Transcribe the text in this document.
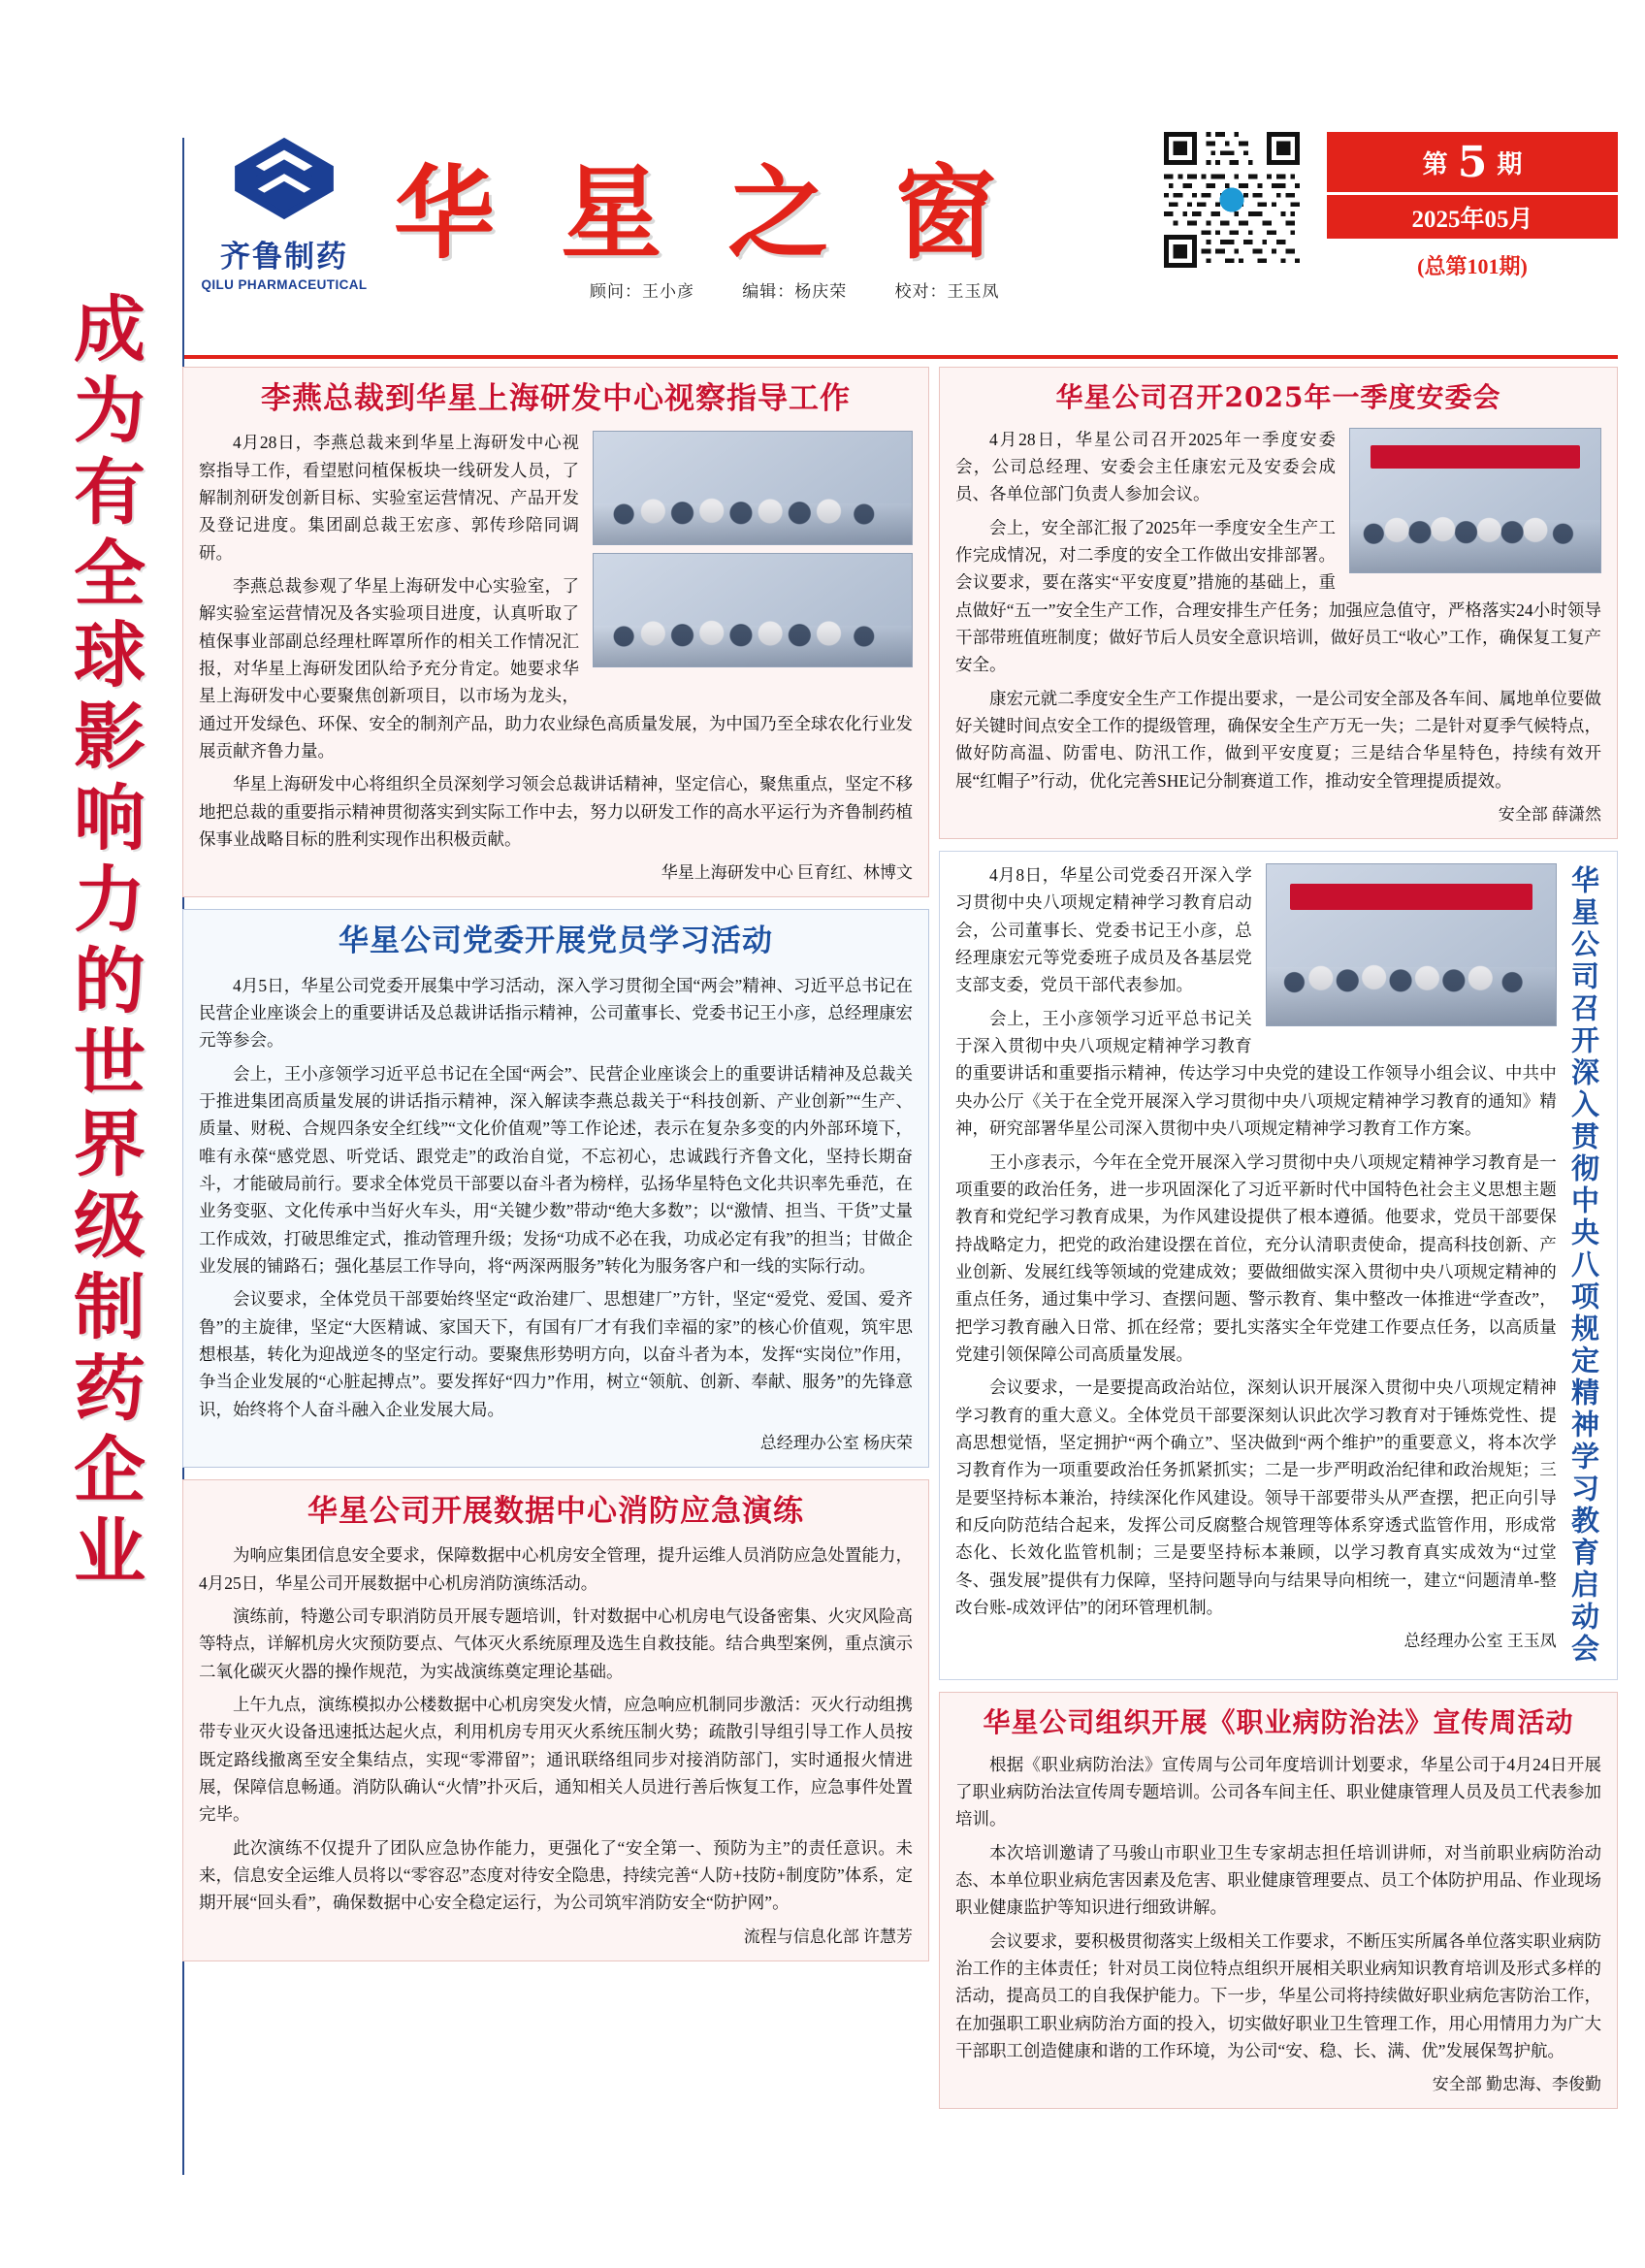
成为有全球影响力的世界级制药企业
齐鲁制药
QILU PHARMACEUTICAL
华 星 之 窗
顾问：王小彦	编辑：杨庆荣	校对：王玉凤
第 5 期
2025年05月
(总第101期)
李燕总裁到华星上海研发中心视察指导工作

4月28日，李燕总裁来到华星上海研发中心视察指导工作，看望慰问植保板块一线研发人员，了解制剂研发创新目标、实验室运营情况、产品开发及登记进度。集团副总裁王宏彦、郭传珍陪同调研。

李燕总裁参观了华星上海研发中心实验室，了解实验室运营情况及各实验项目进度，认真听取了植保事业部副总经理杜晖罩所作的相关工作情况汇报，对华星上海研发团队给予充分肯定。她要求华星上海研发中心要聚焦创新项目，以市场为龙头，通过开发绿色、环保、安全的制剂产品，助力农业绿色高质量发展，为中国乃至全球农化行业发展贡献齐鲁力量。

华星上海研发中心将组织全员深刻学习领会总裁讲话精神，坚定信心，聚焦重点，坚定不移地把总裁的重要指示精神贯彻落实到实际工作中去，努力以研发工作的高水平运行为齐鲁制药植保事业战略目标的胜利实现作出积极贡献。

华星上海研发中心 巨育红、林博文
华星公司党委开展党员学习活动

4月5日，华星公司党委开展集中学习活动，深入学习贯彻全国“两会”精神、习近平总书记在民营企业座谈会上的重要讲话及总裁讲话指示精神，公司董事长、党委书记王小彦，总经理康宏元等参会。

会上，王小彦领学习近平总书记在全国“两会”、民营企业座谈会上的重要讲话精神及总裁关于推进集团高质量发展的讲话指示精神，深入解读李燕总裁关于“科技创新、产业创新”“生产、质量、财税、合规四条安全红线”“文化价值观”等工作论述，表示在复杂多变的内外部环境下，唯有永葆“感党恩、听党话、跟党走”的政治自觉，不忘初心，忠诚践行齐鲁文化，坚持长期奋斗，才能破局前行。要求全体党员干部要以奋斗者为榜样，弘扬华星特色文化共识率先垂范，在业务变驱、文化传承中当好火车头，用“关键少数”带动“绝大多数”；以“激情、担当、干货”丈量工作成效，打破思维定式，推动管理升级；发扬“功成不必在我，功成必定有我”的担当；甘做企业发展的铺路石；强化基层工作导向，将“两深两服务”转化为服务客户和一线的实际行动。

会议要求，全体党员干部要始终坚定“政治建厂、思想建厂”方针，坚定“爱党、爱国、爱齐鲁”的主旋律，坚定“大医精诚、家国天下，有国有厂才有我们幸福的家”的核心价值观，筑牢思想根基，转化为迎战逆冬的坚定行动。要聚焦形势明方向，以奋斗者为本，发挥“实岗位”作用，争当企业发展的“心脏起搏点”。要发挥好“四力”作用，树立“领航、创新、奉献、服务”的先锋意识，始终将个人奋斗融入企业发展大局。

总经理办公室 杨庆荣
华星公司开展数据中心消防应急演练

为响应集团信息安全要求，保障数据中心机房安全管理，提升运维人员消防应急处置能力，4月25日，华星公司开展数据中心机房消防演练活动。

演练前，特邀公司专职消防员开展专题培训，针对数据中心机房电气设备密集、火灾风险高等特点，详解机房火灾预防要点、气体灭火系统原理及选生自救技能。结合典型案例，重点演示二氧化碳灭火器的操作规范，为实战演练奠定理论基础。

上午九点，演练模拟办公楼数据中心机房突发火情，应急响应机制同步激活：灭火行动组携带专业灭火设备迅速抵达起火点，利用机房专用灭火系统压制火势；疏散引导组引导工作人员按既定路线撤离至安全集结点，实现“零滞留”；通讯联络组同步对接消防部门，实时通报火情进展，保障信息畅通。消防队确认“火情”扑灭后，通知相关人员进行善后恢复工作，应急事件处置完毕。

此次演练不仅提升了团队应急协作能力，更强化了“安全第一、预防为主”的责任意识。未来，信息安全运维人员将以“零容忍”态度对待安全隐患，持续完善“人防+技防+制度防”体系，定期开展“回头看”，确保数据中心安全稳定运行，为公司筑牢消防安全“防护网”。

流程与信息化部 许慧芳
华星公司召开2025年一季度安委会

4月28日，华星公司召开2025年一季度安委会，公司总经理、安委会主任康宏元及安委会成员、各单位部门负责人参加会议。

会上，安全部汇报了2025年一季度安全生产工作完成情况，对二季度的安全工作做出安排部署。会议要求，要在落实“平安度夏”措施的基础上，重点做好“五一”安全生产工作，合理安排生产任务；加强应急值守，严格落实24小时领导干部带班值班制度；做好节后人员安全意识培训，做好员工“收心”工作，确保复工复产安全。

康宏元就二季度安全生产工作提出要求，一是公司安全部及各车间、属地单位要做好关键时间点安全工作的提级管理，确保安全生产万无一失；二是针对夏季气候特点，做好防高温、防雷电、防汛工作，做到平安度夏；三是结合华星特色，持续有效开展“红帽子”行动，优化完善SHE记分制赛道工作，推动安全管理提质提效。

安全部 薛潇然

4月8日，华星公司党委召开深入学习贯彻中央八项规定精神学习教育启动会，公司董事长、党委书记王小彦，总经理康宏元等党委班子成员及各基层党支部支委，党员干部代表参加。

会上，王小彦领学习近平总书记关于深入贯彻中央八项规定精神学习教育的重要讲话和重要指示精神，传达学习中央党的建设工作领导小组会议、中共中央办公厅《关于在全党开展深入学习贯彻中央八项规定精神学习教育的通知》精神，研究部署华星公司深入贯彻中央八项规定精神学习教育工作方案。

王小彦表示，今年在全党开展深入学习贯彻中央八项规定精神学习教育是一项重要的政治任务，进一步巩固深化了习近平新时代中国特色社会主义思想主题教育和党纪学习教育成果，为作风建设提供了根本遵循。他要求，党员干部要保持战略定力，把党的政治建设摆在首位，充分认清职责使命，提高科技创新、产业创新、发展红线等领域的党建成效；要做细做实深入贯彻中央八项规定精神的重点任务，通过集中学习、查摆问题、警示教育、集中整改一体推进“学查改”，把学习教育融入日常、抓在经常；要扎实落实全年党建工作要点任务，以高质量党建引领保障公司高质量发展。

会议要求，一是要提高政治站位，深刻认识开展深入贯彻中央八项规定精神学习教育的重大意义。全体党员干部要深刻认识此次学习教育对于锤炼党性、提高思想觉悟，坚定拥护“两个确立”、坚决做到“两个维护”的重要意义，将本次学习教育作为一项重要政治任务抓紧抓实；二是一步严明政治纪律和政治规矩；三是要坚持标本兼治，持续深化作风建设。领导干部要带头从严查摆，把正向引导和反向防范结合起来，发挥公司反腐整合规管理等体系穿透式监管作用，形成常态化、长效化监管机制；三是要坚持标本兼顾，以学习教育真实成效为“过堂冬、强发展”提供有力保障，坚持问题导向与结果导向相统一，建立“问题清单-整改台账-成效评估”的闭环管理机制。

总经理办公室 王玉凤 华星公司召开深入贯彻中央八项规定精神学习教育启动会
华星公司组织开展《职业病防治法》宣传周活动

根据《职业病防治法》宣传周与公司年度培训计划要求，华星公司于4月24日开展了职业病防治法宣传周专题培训。公司各车间主任、职业健康管理人员及员工代表参加培训。

本次培训邀请了马骏山市职业卫生专家胡志担任培训讲师，对当前职业病防治动态、本单位职业病危害因素及危害、职业健康管理要点、员工个体防护用品、作业现场职业健康监护等知识进行细致讲解。

会议要求，要积极贯彻落实上级相关工作要求，不断压实所属各单位落实职业病防治工作的主体责任；针对员工岗位特点组织开展相关职业病知识教育培训及形式多样的活动，提高员工的自我保护能力。下一步，华星公司将持续做好职业病危害防治工作，在加强职工职业病防治方面的投入，切实做好职业卫生管理工作，用心用情用力为广大干部职工创造健康和谐的工作环境，为公司“安、稳、长、满、优”发展保驾护航。

安全部 勤忠海、李俊勤
